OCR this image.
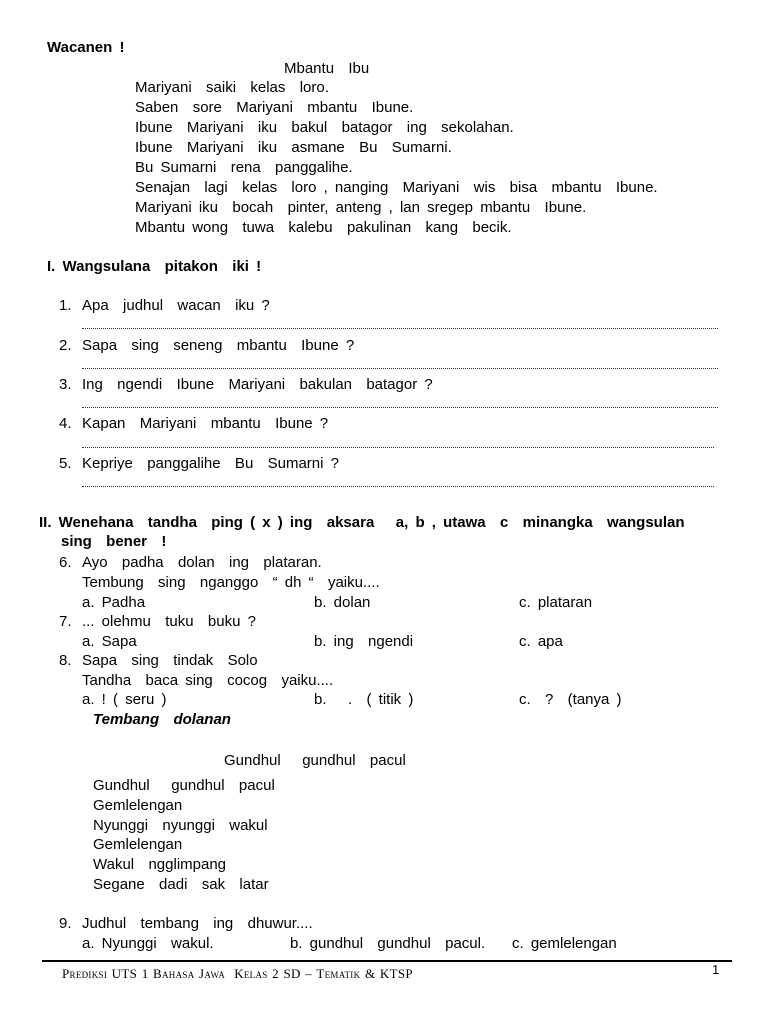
Wacanen !
Mbantu  Ibu
Mariyani  saiki  kelas  loro.
Saben  sore  Mariyani  mbantu  Ibune.
Ibune  Mariyani  iku  bakul  batagor  ing  sekolahan.
Ibune  Mariyani  iku  asmane  Bu  Sumarni.
Bu Sumarni  rena  panggalihe.
Senajan  lagi  kelas  loro , nanging  Mariyani  wis  bisa  mbantu  Ibune.
Mariyani iku  bocah  pinter, anteng , lan sregep mbantu  Ibune.
Mbantu wong  tuwa  kalebu  pakulinan  kang  becik.
I. Wangsulana  pitakon  iki !
1. Apa  judhul  wacan  iku ?
2. Sapa  sing  seneng  mbantu  Ibune ?
3. Ing  ngendi  Ibune  Mariyani  bakulan  batagor ?
4. Kapan  Mariyani  mbantu  Ibune ?
5. Kepriye  panggalihe  Bu  Sumarni ?
II. Wenehana  tandha  ping ( x ) ing  aksara   a, b , utawa  c  minangka  wangsulan
sing  bener  !
6. Ayo  padha  dolan  ing  plataran.
Tembung  sing  nganggo  “ dh “  yaiku....
a. Padha	b. dolan	c. plataran
7. ... olehmu  tuku  buku ?
a. Sapa	b. ing  ngendi	c. apa
8. Sapa  sing  tindak  Solo
Tandha  baca sing  cocog  yaiku....
a. ! ( seru )	b.   .  ( titik )	c.  ?  (tanya )
Tembang  dolanan
Gundhul   gundhul  pacul
Gundhul   gundhul  pacul
Gemlelengan
Nyunggi  nyunggi  wakul
Gemlelengan
Wakul  ngglimpang
Segane  dadi  sak  latar
9. Judhul  tembang  ing  dhuwur....
a. Nyunggi  wakul.	b. gundhul  gundhul  pacul. c. gemlelengan
Prediksi UTS 1 Bahasa Jawa  Kelas 2 SD – Tematik & KTSP	1
